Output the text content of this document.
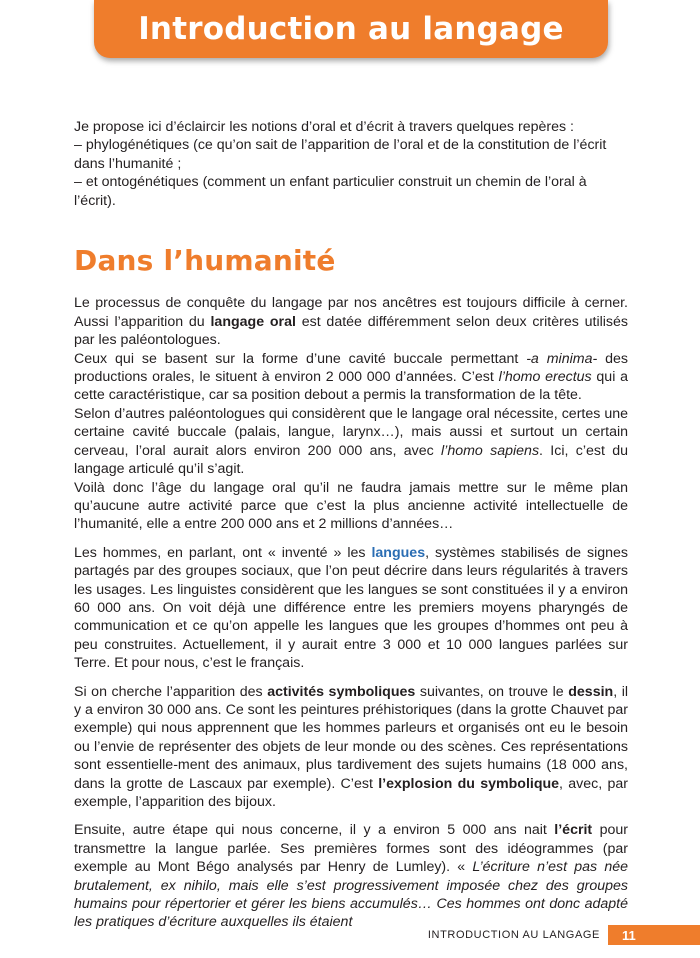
Introduction au langage

Je propose ici d’éclaircir les notions d’oral et d’écrit à travers quelques repères :

– phylogénétiques (ce qu’on sait de l’apparition de l’oral et de la constitution de l’écrit dans l’humanité ;

– et ontogénétiques (comment un enfant particulier construit un chemin de l’oral à l’écrit).

Dans l’humanité

Le processus de conquête du langage par nos ancêtres est toujours difficile à cerner. Aussi l’apparition du langage oral est datée différemment selon deux critères utilisés par les paléontologues.

Ceux qui se basent sur la forme d’une cavité buccale permettant -a minima- des productions orales, le situent à environ 2 000 000 d’années. C’est l’homo erectus qui a cette caractéristique, car sa position debout a permis la transformation de la tête.

Selon d’autres paléontologues qui considèrent que le langage oral nécessite, certes une certaine cavité buccale (palais, langue, larynx…), mais aussi et surtout un certain cerveau, l’oral aurait alors environ 200 000 ans, avec l’homo sapiens. Ici, c’est du langage articulé qu’il s’agit.

Voilà donc l’âge du langage oral qu’il ne faudra jamais mettre sur le même plan qu’aucune autre activité parce que c’est la plus ancienne activité intellectuelle de l’humanité, elle a entre 200 000 ans et 2 millions d’années…

Les hommes, en parlant, ont « inventé » les langues, systèmes stabilisés de signes partagés par des groupes sociaux, que l’on peut décrire dans leurs régularités à travers les usages. Les linguistes considèrent que les langues se sont constituées il y a environ 60 000 ans. On voit déjà une différence entre les premiers moyens pharyngés de communication et ce qu’on appelle les langues que les groupes d’hommes ont peu à peu construites. Actuellement, il y aurait entre 3 000 et 10 000 langues parlées sur Terre. Et pour nous, c’est le français.

Si on cherche l’apparition des activités symboliques suivantes, on trouve le dessin, il y a environ 30 000 ans. Ce sont les peintures préhistoriques (dans la grotte Chauvet par exemple) qui nous apprennent que les hommes parleurs et organisés ont eu le besoin ou l’envie de représenter des objets de leur monde ou des scènes. Ces représentations sont essentielle-ment des animaux, plus tardivement des sujets humains (18 000 ans, dans la grotte de Lascaux par exemple). C’est l’explosion du symbolique, avec, par exemple, l’apparition des bijoux.

Ensuite, autre étape qui nous concerne, il y a environ 5 000 ans nait l’écrit pour transmettre la langue parlée. Ses premières formes sont des idéogrammes (par exemple au Mont Bégo analysés par Henry de Lumley). « L’écriture n’est pas née brutalement, ex nihilo, mais elle s’est progressivement imposée chez des groupes humains pour répertorier et gérer les biens accumulés… Ces hommes ont donc adapté les pratiques d’écriture auxquelles ils étaient

INTRODUCTION AU LANGAGE 11
